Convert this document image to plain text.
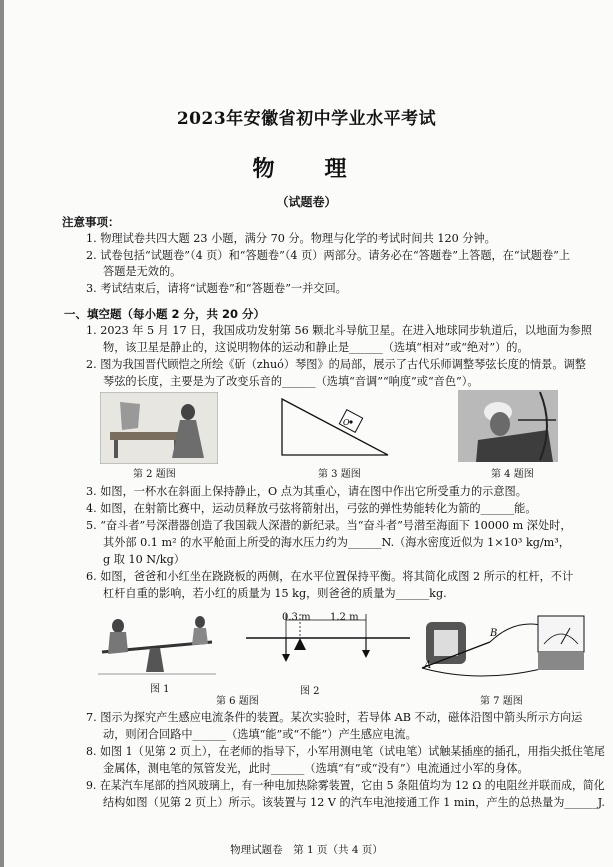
2023年安徽省初中学业水平考试
物　理
（试题卷）
注意事项：
1. 物理试卷共四大题 23 小题，满分 70 分。物理与化学的考试时间共 120 分钟。
2. 试卷包括“试题卷”（4 页）和“答题卷”（4 页）两部分。请务必在“答题卷”上答题，在“试题卷”上
答题是无效的。
3. 考试结束后，请将“试题卷”和“答题卷”一并交回。
一、填空题（每小题 2 分，共 20 分）
1. 2023 年 5 月 17 日，我国成功发射第 56 颗北斗导航卫星。在进入地球同步轨道后，以地面为参照
物，该卫星是静止的，这说明物体的运动和静止是______（选填“相对”或“绝对”）的。
2. 图为我国晋代顾恺之所绘《斫（zhuó）琴图》的局部，展示了古代乐师调整琴弦长度的情景。调整
琴弦的长度，主要是为了改变乐音的______（选填“音调”“响度”或“音色”）。
O
第 2 题图	第 3 题图	第 4 题图
3. 如图，一杯水在斜面上保持静止，O 点为其重心，请在图中作出它所受重力的示意图。
4. 如图，在射箭比赛中，运动员释放弓弦将箭射出，弓弦的弹性势能转化为箭的______能。
5. “奋斗者”号深潜器创造了我国载人深潜的新纪录。当“奋斗者”号潜至海面下 10000 m 深处时，
其外部 0.1 m² 的水平舱面上所受的海水压力约为______N.（海水密度近似为 1×10³ kg/m³，
g 取 10 N/kg）
6. 如图，爸爸和小红坐在跷跷板的两侧，在水平位置保持平衡。将其简化成图 2 所示的杠杆，不计
杠杆自重的影响，若小红的质量为 15 kg，则爸爸的质量为______kg.
0.3 m 1.2 m
A
B
图 1
第 6 题图
图 2
第 7 题图
7. 图示为探究产生感应电流条件的装置。某次实验时，若导体 AB 不动，磁体沿图中箭头所示方向运
动，则闭合回路中______（选填“能”或“不能”）产生感应电流。
8. 如图 1（见第 2 页上），在老师的指导下，小军用测电笔（试电笔）试触某插座的插孔，用指尖抵住笔尾
金属体，测电笔的氖管发光，此时______（选填“有”或“没有”）电流通过小军的身体。
9. 在某汽车尾部的挡风玻璃上，有一种电加热除雾装置，它由 5 条阻值均为 12 Ω 的电阻丝并联而成，简化
结构如图（见第 2 页上）所示。该装置与 12 V 的汽车电池接通工作 1 min，产生的总热量为______J.
物理试题卷　第 1 页（共 4 页）
